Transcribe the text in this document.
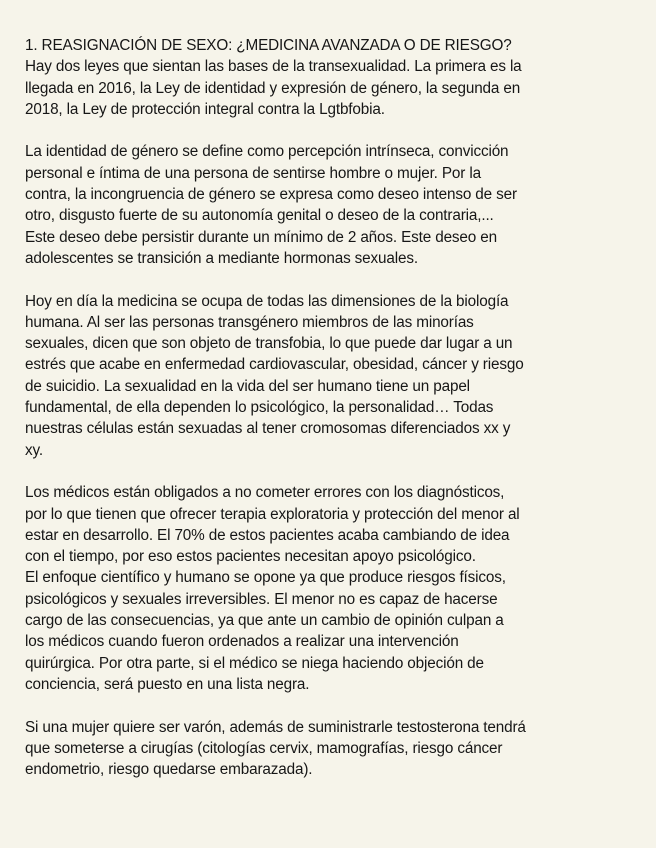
1. REASIGNACIÓN DE SEXO: ¿MEDICINA AVANZADA O DE RIESGO?
Hay dos leyes que sientan las bases de la transexualidad. La primera es la
llegada en 2016, la Ley de identidad y expresión de género, la segunda en
2018, la Ley de protección integral contra la Lgtbfobia.
La identidad de género se define como percepción intrínseca, convicción
personal e íntima de una persona de sentirse hombre o mujer. Por la
contra, la incongruencia de género se expresa como deseo intenso de ser
otro, disgusto fuerte de su autonomía genital o deseo de la contraria,...
Este deseo debe persistir durante un mínimo de 2 años. Este deseo en
adolescentes se transición a mediante hormonas sexuales.
Hoy en día la medicina se ocupa de todas las dimensiones de la biología
humana. Al ser las personas transgénero miembros de las minorías
sexuales, dicen que son objeto de transfobia, lo que puede dar lugar a un
estrés que acabe en enfermedad cardiovascular, obesidad, cáncer y riesgo
de suicidio. La sexualidad en la vida del ser humano tiene un papel
fundamental, de ella dependen lo psicológico, la personalidad… Todas
nuestras células están sexuadas al tener cromosomas diferenciados xx y
xy.
Los médicos están obligados a no cometer errores con los diagnósticos,
por lo que tienen que ofrecer terapia exploratoria y protección del menor al
estar en desarrollo. El 70% de estos pacientes acaba cambiando de idea
con el tiempo, por eso estos pacientes necesitan apoyo psicológico.
El enfoque científico y humano se opone ya que produce riesgos físicos,
psicológicos y sexuales irreversibles. El menor no es capaz de hacerse
cargo de las consecuencias, ya que ante un cambio de opinión culpan a
los médicos cuando fueron ordenados a realizar una intervención
quirúrgica. Por otra parte, si el médico se niega haciendo objeción de
conciencia, será puesto en una lista negra.
Si una mujer quiere ser varón, además de suministrarle testosterona tendrá
que someterse a cirugías (citologías cervix, mamografías, riesgo cáncer
endometrio, riesgo quedarse embarazada).
